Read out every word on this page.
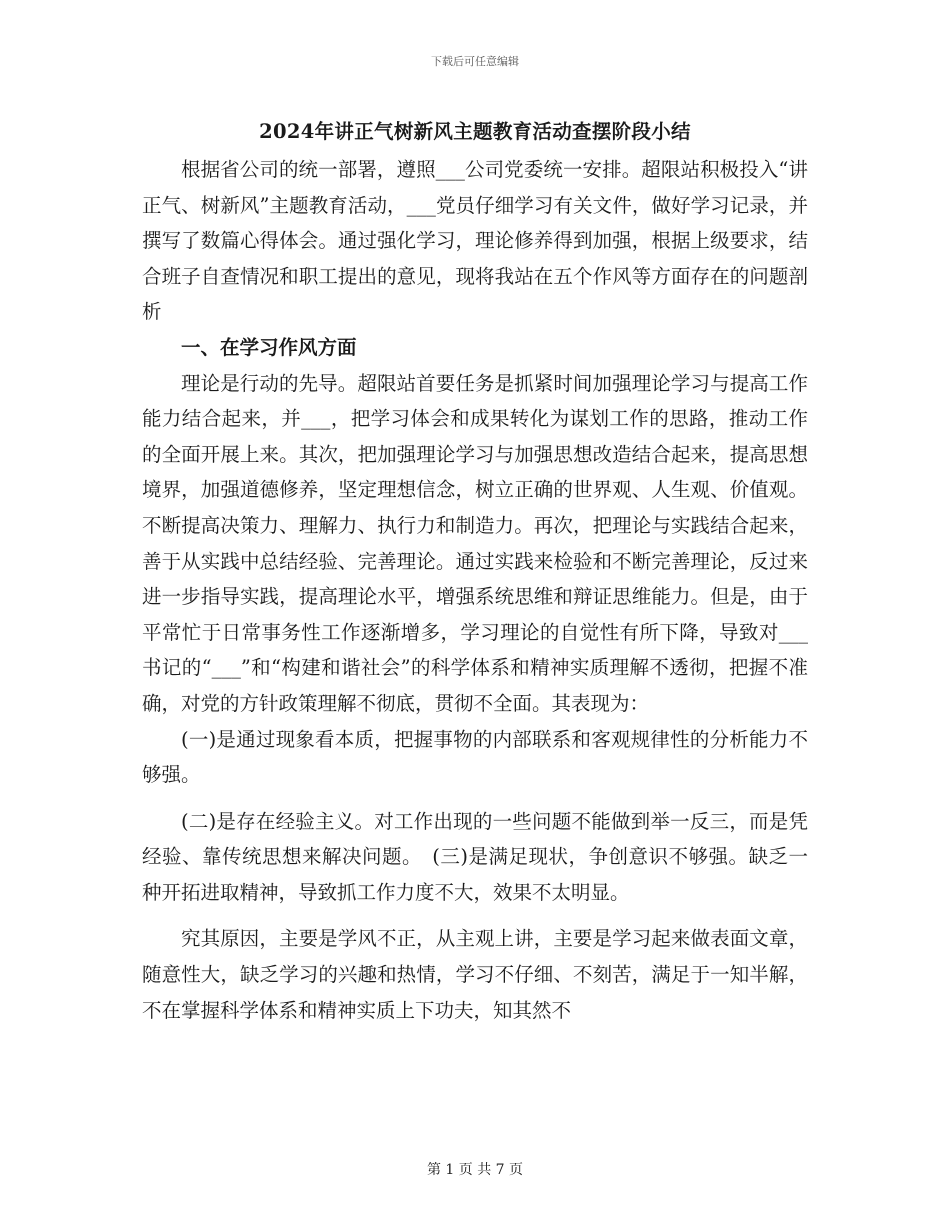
下载后可任意编辑
2024年讲正气树新风主题教育活动查摆阶段小结

根据省公司的统一部署，遵照___公司党委统一安排。超限站积极投入“讲正气、树新风”主题教育活动，___党员仔细学习有关文件，做好学习记录，并撰写了数篇心得体会。通过强化学习，理论修养得到加强，根据上级要求，结合班子自查情况和职工提出的意见，现将我站在五个作风等方面存在的问题剖析

一、在学习作风方面

理论是行动的先导。超限站首要任务是抓紧时间加强理论学习与提高工作能力结合起来，并___，把学习体会和成果转化为谋划工作的思路，推动工作的全面开展上来。其次，把加强理论学习与加强思想改造结合起来，提高思想境界，加强道德修养，坚定理想信念，树立正确的世界观、人生观、价值观。不断提高决策力、理解力、执行力和制造力。再次，把理论与实践结合起来，善于从实践中总结经验、完善理论。通过实践来检验和不断完善理论，反过来进一步指导实践，提高理论水平，增强系统思维和辩证思维能力。但是，由于平常忙于日常事务性工作逐渐增多，学习理论的自觉性有所下降，导致对___书记的“___”和“构建和谐社会”的科学体系和精神实质理解不透彻，把握不准确，对党的方针政策理解不彻底，贯彻不全面。其表现为：

(一)是通过现象看本质，把握事物的内部联系和客观规律性的分析能力不够强。

(二)是存在经验主义。对工作出现的一些问题不能做到举一反三，而是凭经验、靠传统思想来解决问题。　(三)是满足现状，争创意识不够强。缺乏一种开拓进取精神，导致抓工作力度不大，效果不太明显。

究其原因，主要是学风不正，从主观上讲，主要是学习起来做表面文章，随意性大，缺乏学习的兴趣和热情，学习不仔细、不刻苦，满足于一知半解，不在掌握科学体系和精神实质上下功夫，知其然不

第 1 页 共 7 页
